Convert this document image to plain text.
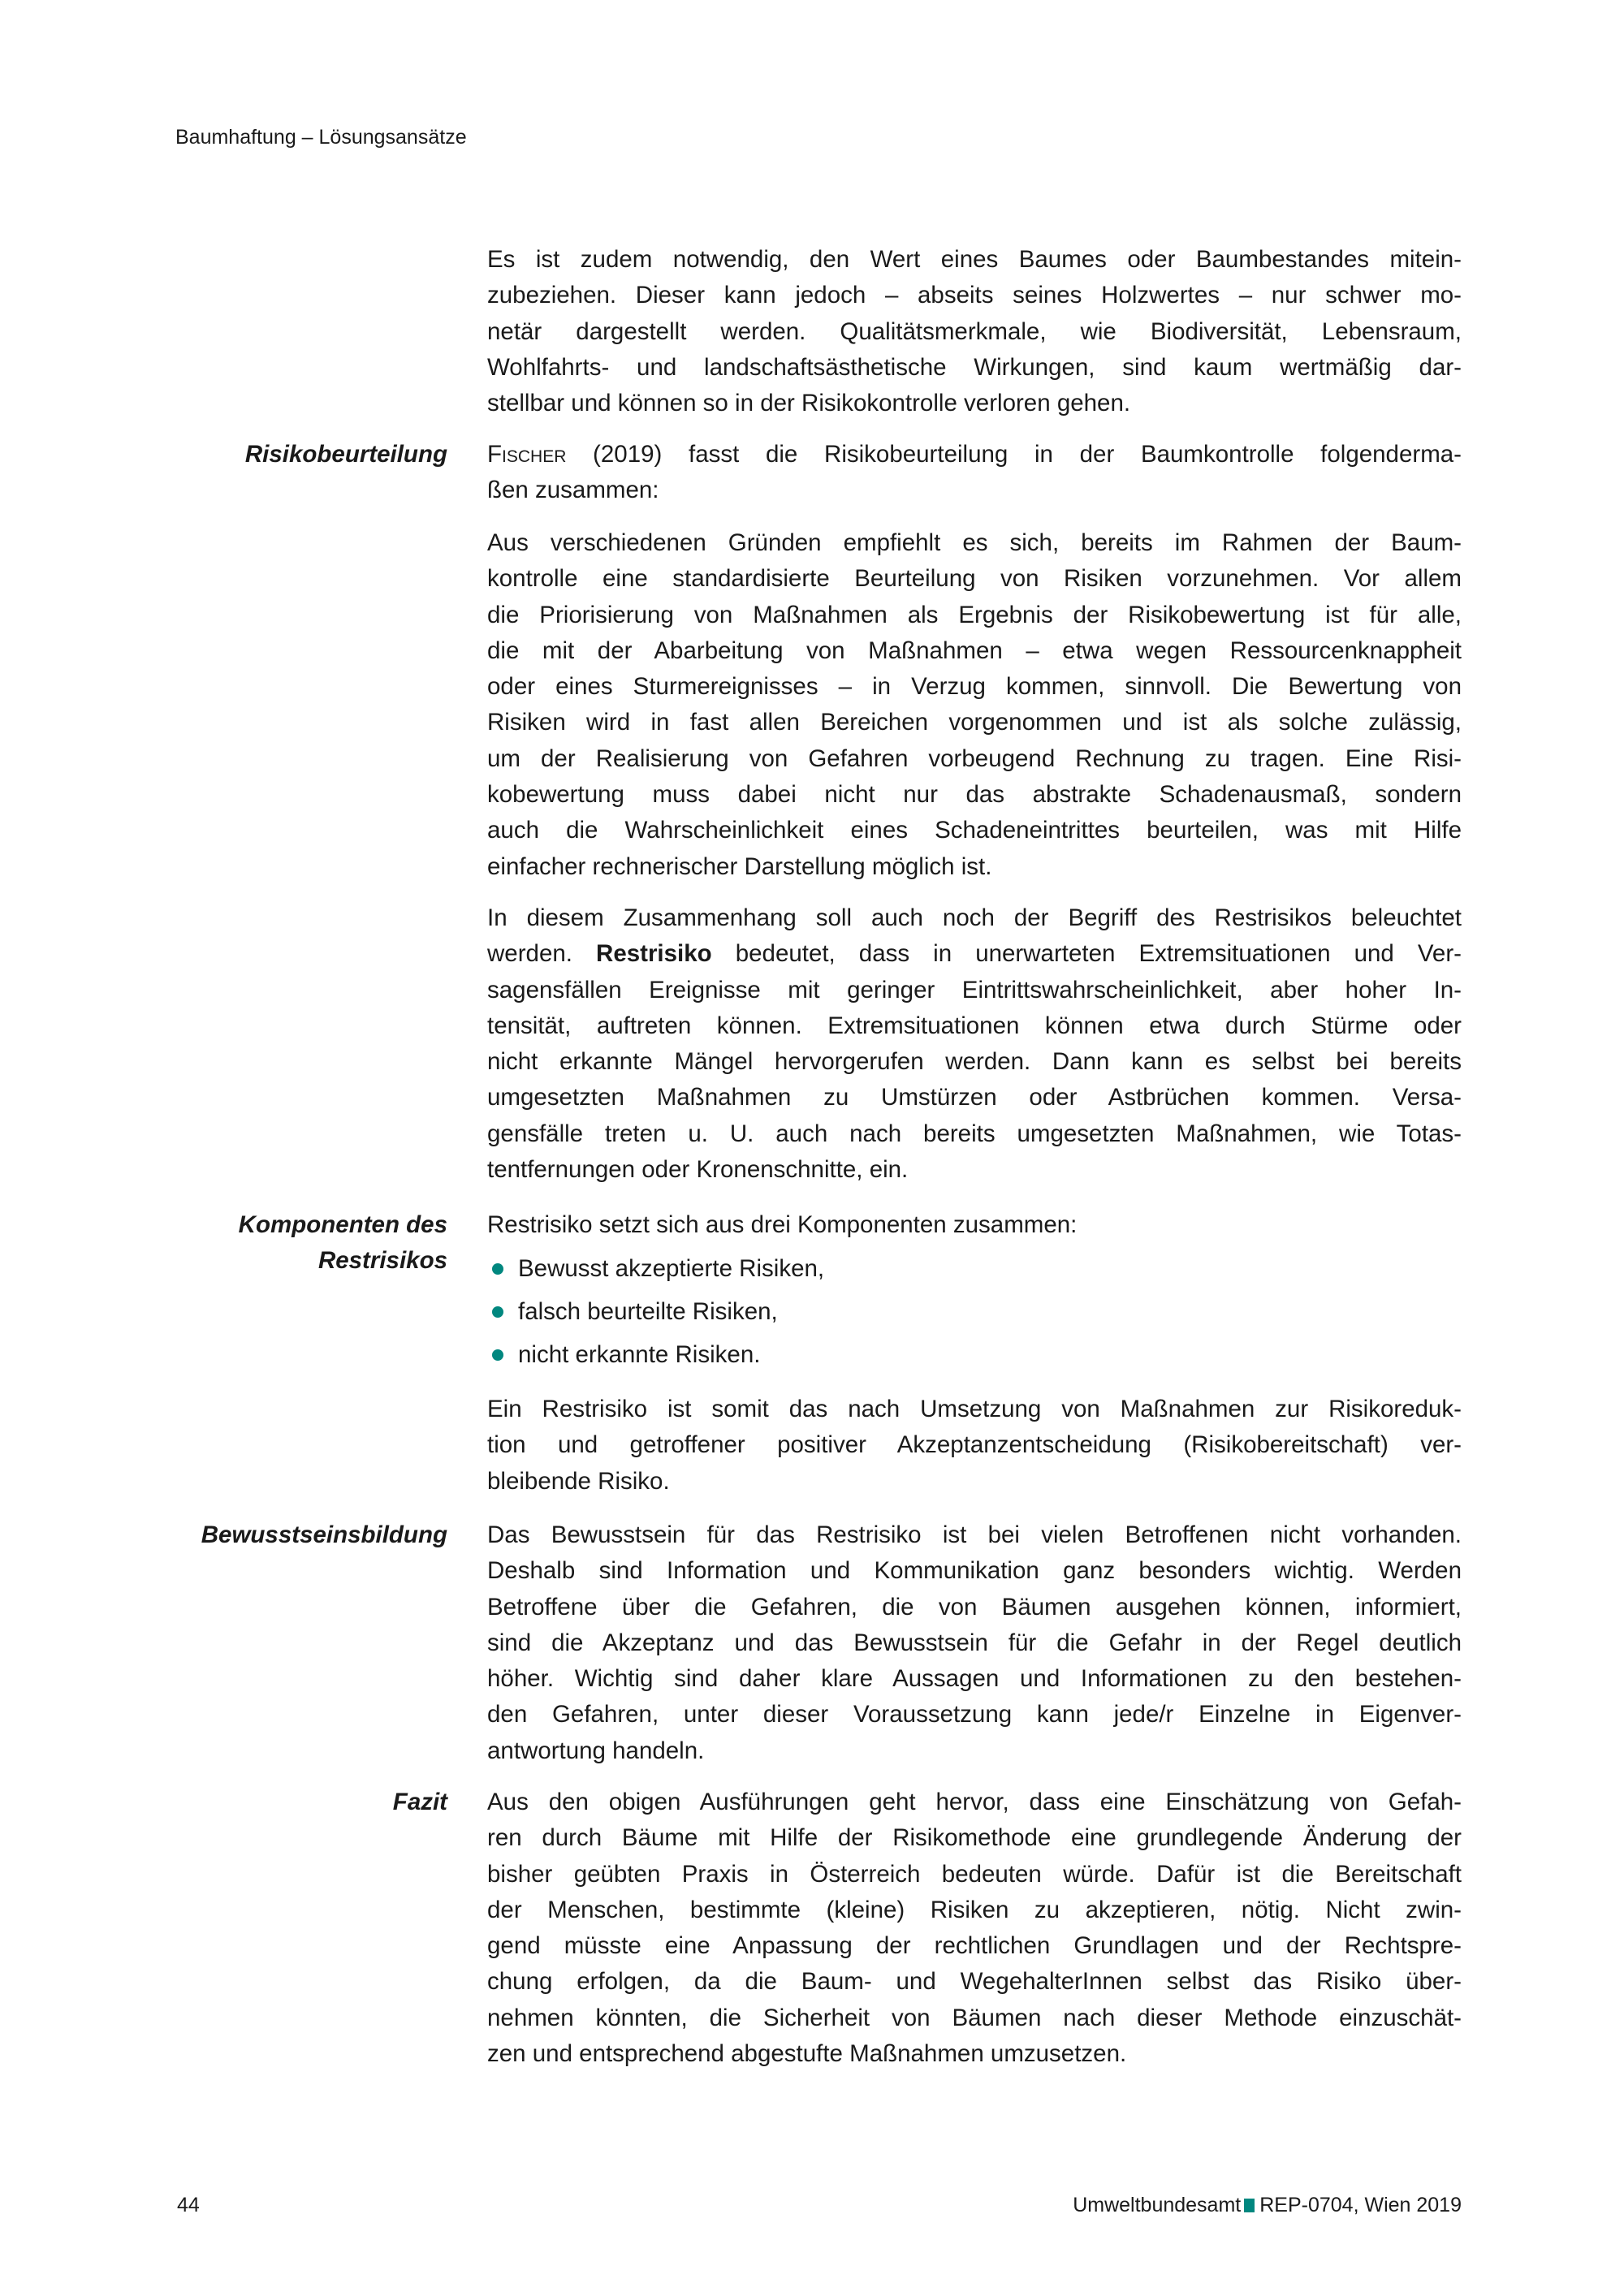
Baumhaftung – Lösungsansätze
Es ist zudem notwendig, den Wert eines Baumes oder Baumbestandes mitein-
zubeziehen. Dieser kann jedoch – abseits seines Holzwertes – nur schwer mo-
netär dargestellt werden. Qualitätsmerkmale, wie Biodiversität, Lebensraum,
Wohlfahrts- und landschaftsästhetische Wirkungen, sind kaum wertmäßig dar-
stellbar und können so in der Risikokontrolle verloren gehen.
Risikobeurteilung Fischer (2019) fasst die Risikobeurteilung in der Baumkontrolle folgenderma-
ßen zusammen:
Aus verschiedenen Gründen empfiehlt es sich, bereits im Rahmen der Baum-
kontrolle eine standardisierte Beurteilung von Risiken vorzunehmen. Vor allem
die Priorisierung von Maßnahmen als Ergebnis der Risikobewertung ist für alle,
die mit der Abarbeitung von Maßnahmen – etwa wegen Ressourcenknappheit
oder eines Sturmereignisses – in Verzug kommen, sinnvoll. Die Bewertung von
Risiken wird in fast allen Bereichen vorgenommen und ist als solche zulässig,
um der Realisierung von Gefahren vorbeugend Rechnung zu tragen. Eine Risi-
kobewertung muss dabei nicht nur das abstrakte Schadenausmaß, sondern
auch die Wahrscheinlichkeit eines Schadeneintrittes beurteilen, was mit Hilfe
einfacher rechnerischer Darstellung möglich ist.
In diesem Zusammenhang soll auch noch der Begriff des Restrisikos beleuchtet
werden. Restrisiko bedeutet, dass in unerwarteten Extremsituationen und Ver-
sagensfällen Ereignisse mit geringer Eintrittswahrscheinlichkeit, aber hoher In-
tensität, auftreten können. Extremsituationen können etwa durch Stürme oder
nicht erkannte Mängel hervorgerufen werden. Dann kann es selbst bei bereits
umgesetzten Maßnahmen zu Umstürzen oder Astbrüchen kommen. Versa-
gensfälle treten u. U. auch nach bereits umgesetzten Maßnahmen, wie Totas-
tentfernungen oder Kronenschnitte, ein.
Komponenten des
Restrisikos
Restrisiko setzt sich aus drei Komponenten zusammen:
Bewusst akzeptierte Risiken,
falsch beurteilte Risiken,
nicht erkannte Risiken.
Ein Restrisiko ist somit das nach Umsetzung von Maßnahmen zur Risikoreduk-
tion und getroffener positiver Akzeptanzentscheidung (Risikobereitschaft) ver-
bleibende Risiko.
Bewusstseinsbildung Das Bewusstsein für das Restrisiko ist bei vielen Betroffenen nicht vorhanden.
Deshalb sind Information und Kommunikation ganz besonders wichtig. Werden
Betroffene über die Gefahren, die von Bäumen ausgehen können, informiert,
sind die Akzeptanz und das Bewusstsein für die Gefahr in der Regel deutlich
höher. Wichtig sind daher klare Aussagen und Informationen zu den bestehen-
den Gefahren, unter dieser Voraussetzung kann jede/r Einzelne in Eigenver-
antwortung handeln.
Fazit Aus den obigen Ausführungen geht hervor, dass eine Einschätzung von Gefah-
ren durch Bäume mit Hilfe der Risikomethode eine grundlegende Änderung der
bisher geübten Praxis in Österreich bedeuten würde. Dafür ist die Bereitschaft
der Menschen, bestimmte (kleine) Risiken zu akzeptieren, nötig. Nicht zwin-
gend müsste eine Anpassung der rechtlichen Grundlagen und der Rechtspre-
chung erfolgen, da die Baum- und WegehalterInnen selbst das Risiko über-
nehmen könnten, die Sicherheit von Bäumen nach dieser Methode einzuschät-
zen und entsprechend abgestufte Maßnahmen umzusetzen.
44	Umweltbundesamt REP-0704, Wien 2019
